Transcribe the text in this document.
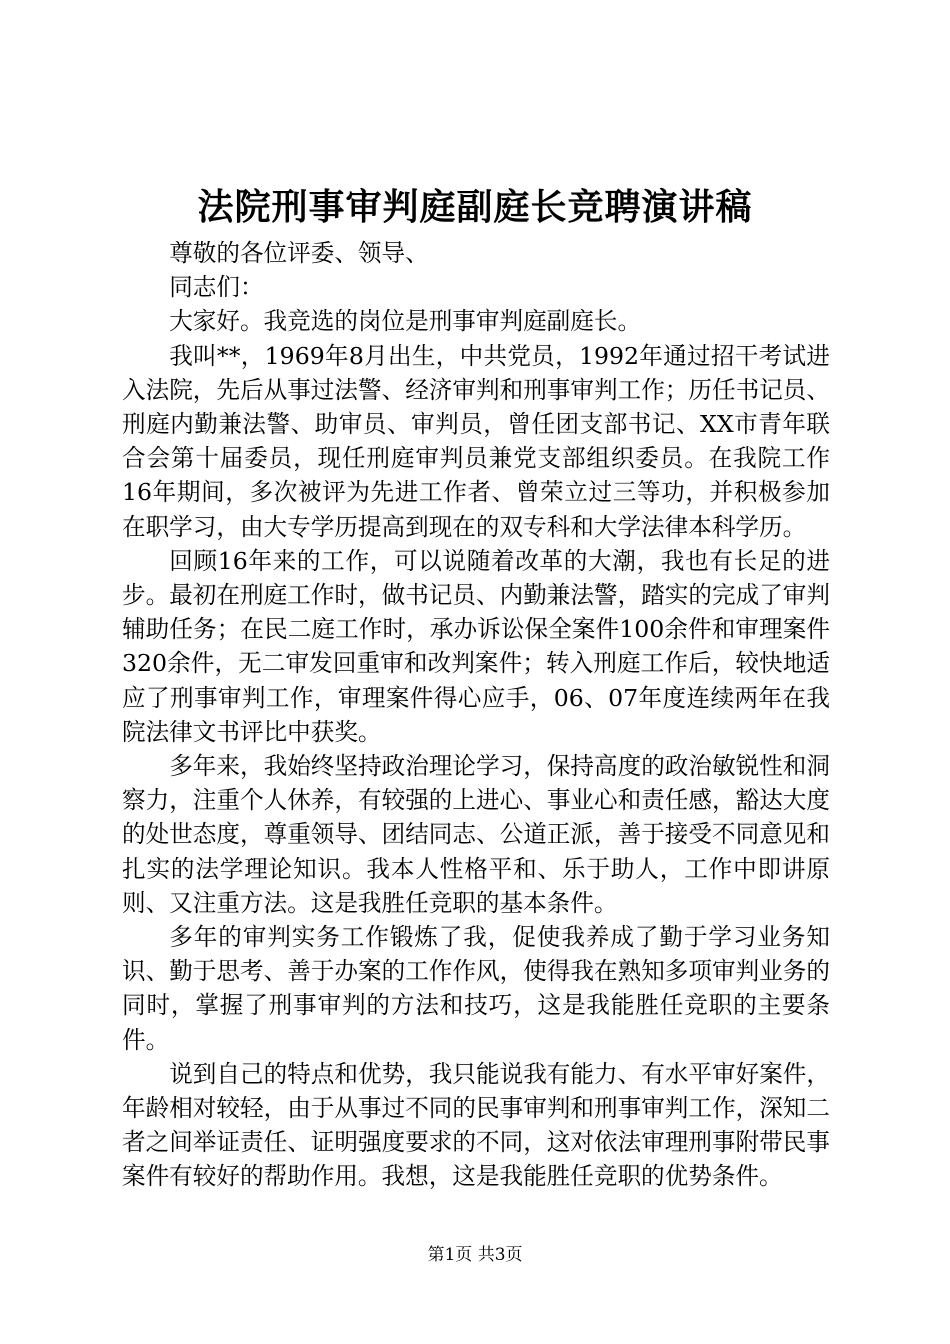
法院刑事审判庭副庭长竞聘演讲稿

尊敬的各位评委、领导、

同志们：

大家好。我竞选的岗位是刑事审判庭副庭长。

我叫**，1969年8月出生，中共党员，1992年通过招干考试进入法院，先后从事过法警、经济审判和刑事审判工作；历任书记员、刑庭内勤兼法警、助审员、审判员，曾任团支部书记、XX市青年联合会第十届委员，现任刑庭审判员兼党支部组织委员。在我院工作16年期间，多次被评为先进工作者、曾荣立过三等功，并积极参加在职学习，由大专学历提高到现在的双专科和大学法律本科学历。

回顾16年来的工作，可以说随着改革的大潮，我也有长足的进步。最初在刑庭工作时，做书记员、内勤兼法警，踏实的完成了审判辅助任务；在民二庭工作时，承办诉讼保全案件100余件和审理案件320余件，无二审发回重审和改判案件；转入刑庭工作后，较快地适应了刑事审判工作，审理案件得心应手，06、07年度连续两年在我院法律文书评比中获奖。

多年来，我始终坚持政治理论学习，保持高度的政治敏锐性和洞察力，注重个人休养，有较强的上进心、事业心和责任感，豁达大度的处世态度，尊重领导、团结同志、公道正派，善于接受不同意见和扎实的法学理论知识。我本人性格平和、乐于助人，工作中即讲原则、又注重方法。这是我胜任竞职的基本条件。

多年的审判实务工作锻炼了我，促使我养成了勤于学习业务知识、勤于思考、善于办案的工作作风，使得我在熟知多项审判业务的同时，掌握了刑事审判的方法和技巧，这是我能胜任竞职的主要条件。

说到自己的特点和优势，我只能说我有能力、有水平审好案件，年龄相对较轻，由于从事过不同的民事审判和刑事审判工作，深知二者之间举证责任、证明强度要求的不同，这对依法审理刑事附带民事案件有较好的帮助作用。我想，这是我能胜任竞职的优势条件。

第1页 共3页
